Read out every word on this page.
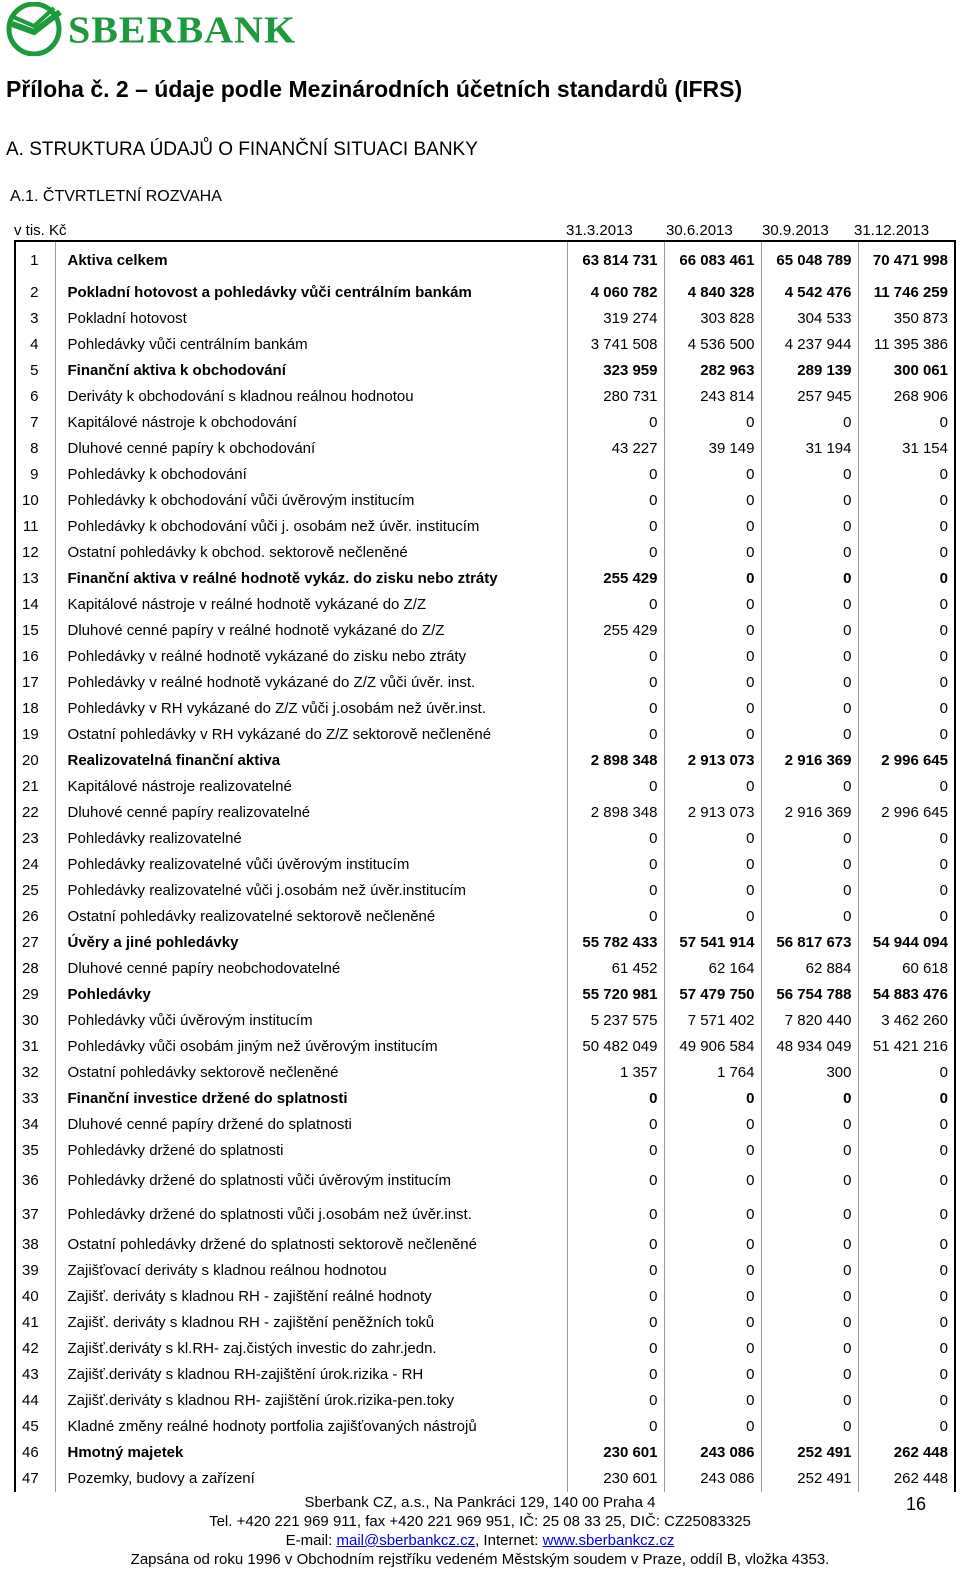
SBERBANK
Příloha č. 2 – údaje podle Mezinárodních účetních standardů (IFRS)
A. STRUKTURA ÚDAJŮ O FINANČNÍ SITUACI BANKY
A.1. ČTVRTLETNÍ ROZVAHA
v tis. Kč	31.3.2013 30.6.2013 30.9.2013 31.12.2013
1	Aktiva celkem	63 814 731	66 083 461	65 048 789	70 471 998
2	Pokladní hotovost a pohledávky vůči centrálním bankám	4 060 782	4 840 328	4 542 476	11 746 259
3	Pokladní hotovost	319 274	303 828	304 533	350 873
4	Pohledávky vůči centrálním bankám	3 741 508	4 536 500	4 237 944	11 395 386
5	Finanční aktiva k obchodování	323 959	282 963	289 139	300 061
6	Deriváty k obchodování s kladnou reálnou hodnotou	280 731	243 814	257 945	268 906
7	Kapitálové nástroje k obchodování	0	0	0	0
8	Dluhové cenné papíry k obchodování	43 227	39 149	31 194	31 154
9	Pohledávky k obchodování	0	0	0	0
10	Pohledávky k obchodování vůči úvěrovým institucím	0	0	0	0
11	Pohledávky k obchodování vůči j. osobám než úvěr. institucím	0	0	0	0
12	Ostatní pohledávky k obchod. sektorově nečleněné	0	0	0	0
13	Finanční aktiva v reálné hodnotě vykáz. do zisku nebo ztráty	255 429	0	0	0
14	Kapitálové nástroje v reálné hodnotě vykázané do Z/Z	0	0	0	0
15	Dluhové cenné papíry v reálné hodnotě vykázané do Z/Z	255 429	0	0	0
16	Pohledávky v reálné hodnotě vykázané do zisku nebo ztráty	0	0	0	0
17	Pohledávky v reálné hodnotě vykázané do Z/Z vůči úvěr. inst.	0	0	0	0
18	Pohledávky v RH vykázané do Z/Z vůči j.osobám než úvěr.inst.	0	0	0	0
19	Ostatní pohledávky v RH vykázané do Z/Z sektorově nečleněné	0	0	0	0
20	Realizovatelná finanční aktiva	2 898 348	2 913 073	2 916 369	2 996 645
21	Kapitálové nástroje realizovatelné	0	0	0	0
22	Dluhové cenné papíry realizovatelné	2 898 348	2 913 073	2 916 369	2 996 645
23	Pohledávky realizovatelné	0	0	0	0
24	Pohledávky realizovatelné vůči úvěrovým institucím	0	0	0	0
25	Pohledávky realizovatelné vůči j.osobám než úvěr.institucím	0	0	0	0
26	Ostatní pohledávky realizovatelné sektorově nečleněné	0	0	0	0
27	Úvěry a jiné pohledávky	55 782 433	57 541 914	56 817 673	54 944 094
28	Dluhové cenné papíry neobchodovatelné	61 452	62 164	62 884	60 618
29	Pohledávky	55 720 981	57 479 750	56 754 788	54 883 476
30	Pohledávky vůči úvěrovým institucím	5 237 575	7 571 402	7 820 440	3 462 260
31	Pohledávky vůči osobám jiným než úvěrovým institucím	50 482 049	49 906 584	48 934 049	51 421 216
32	Ostatní pohledávky sektorově nečleněné	1 357	1 764	300	0
33	Finanční investice držené do splatnosti	0	0	0	0
34	Dluhové cenné papíry držené do splatnosti	0	0	0	0
35	Pohledávky držené do splatnosti	0	0	0	0
36	Pohledávky držené do splatnosti vůči úvěrovým institucím	0	0	0	0
37	Pohledávky držené do splatnosti vůči j.osobám než úvěr.inst.	0	0	0	0
38	Ostatní pohledávky držené do splatnosti sektorově nečleněné	0	0	0	0
39	Zajišťovací deriváty s kladnou reálnou hodnotou	0	0	0	0
40	Zajišť. deriváty s kladnou RH - zajištění reálné hodnoty	0	0	0	0
41	Zajišť. deriváty s kladnou RH - zajištění peněžních toků	0	0	0	0
42	Zajišť.deriváty s kl.RH- zaj.čistých investic do zahr.jedn.	0	0	0	0
43	Zajišť.deriváty s kladnou RH-zajištění úrok.rizika - RH	0	0	0	0
44	Zajišť.deriváty s kladnou RH- zajištění úrok.rizika-pen.toky	0	0	0	0
45	Kladné změny reálné hodnoty portfolia zajišťovaných nástrojů	0	0	0	0
46	Hmotný majetek	230 601	243 086	252 491	262 448
47	Pozemky, budovy a zařízení	230 601	243 086	252 491	262 448
Sberbank CZ, a.s., Na Pankráci 129, 140 00 Praha 4
Tel. +420 221 969 911, fax +420 221 969 951, IČ: 25 08 33 25, DIČ: CZ25083325
E-mail: mail@sberbankcz.cz, Internet: www.sberbankcz.cz
Zapsána od roku 1996 v Obchodním rejstříku vedeném Městským soudem v Praze, oddíl B, vložka 4353.
16
